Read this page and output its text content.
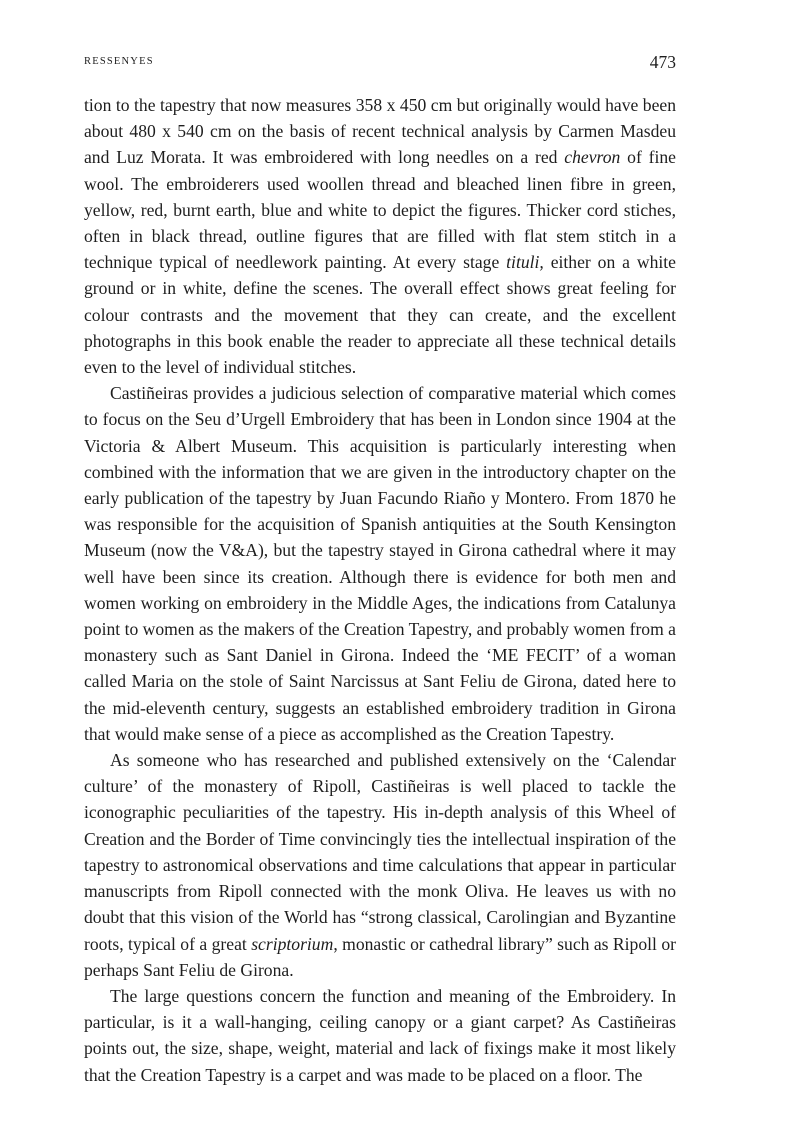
RESSENYES	473

tion to the tapestry that now measures 358 x 450 cm but originally would have been about 480 x 540 cm on the basis of recent technical analysis by Carmen Masdeu and Luz Morata. It was embroidered with long needles on a red chevron of fine wool. The embroiderers used woollen thread and bleached linen fibre in green, yellow, red, burnt earth, blue and white to depict the figures. Thicker cord stiches, often in black thread, outline figures that are filled with flat stem stitch in a technique typical of needlework painting. At every stage tituli, either on a white ground or in white, define the scenes. The overall effect shows great feeling for colour contrasts and the movement that they can create, and the excellent photographs in this book enable the reader to appreciate all these technical details even to the level of individual stitches.

Castiñeiras provides a judicious selection of comparative material which comes to focus on the Seu d’Urgell Embroidery that has been in London since 1904 at the Victoria & Albert Museum. This acquisition is particularly interesting when combined with the information that we are given in the introductory chapter on the early publication of the tapestry by Juan Facundo Riaño y Montero. From 1870 he was responsible for the acquisition of Spanish antiquities at the South Kensington Museum (now the V&A), but the tapestry stayed in Girona cathedral where it may well have been since its creation. Although there is evidence for both men and women working on embroidery in the Middle Ages, the indications from Catalunya point to women as the makers of the Creation Tapestry, and probably women from a monastery such as Sant Daniel in Girona. Indeed the ‘ME FECIT’ of a woman called Maria on the stole of Saint Narcissus at Sant Feliu de Girona, dated here to the mid-eleventh century, suggests an established embroidery tradition in Girona that would make sense of a piece as accomplished as the Creation Tapestry.

As someone who has researched and published extensively on the ‘Calendar culture’ of the monastery of Ripoll, Castiñeiras is well placed to tackle the iconographic peculiarities of the tapestry. His in-depth analysis of this Wheel of Creation and the Border of Time convincingly ties the intellectual inspiration of the tapestry to astronomical observations and time calculations that appear in particular manuscripts from Ripoll connected with the monk Oliva. He leaves us with no doubt that this vision of the World has “strong classical, Carolingian and Byzantine roots, typical of a great scriptorium, monastic or cathedral library” such as Ripoll or perhaps Sant Feliu de Girona.

The large questions concern the function and meaning of the Embroidery. In particular, is it a wall-hanging, ceiling canopy or a giant carpet? As Castiñeiras points out, the size, shape, weight, material and lack of fixings make it most likely that the Creation Tapestry is a carpet and was made to be placed on a floor. The
